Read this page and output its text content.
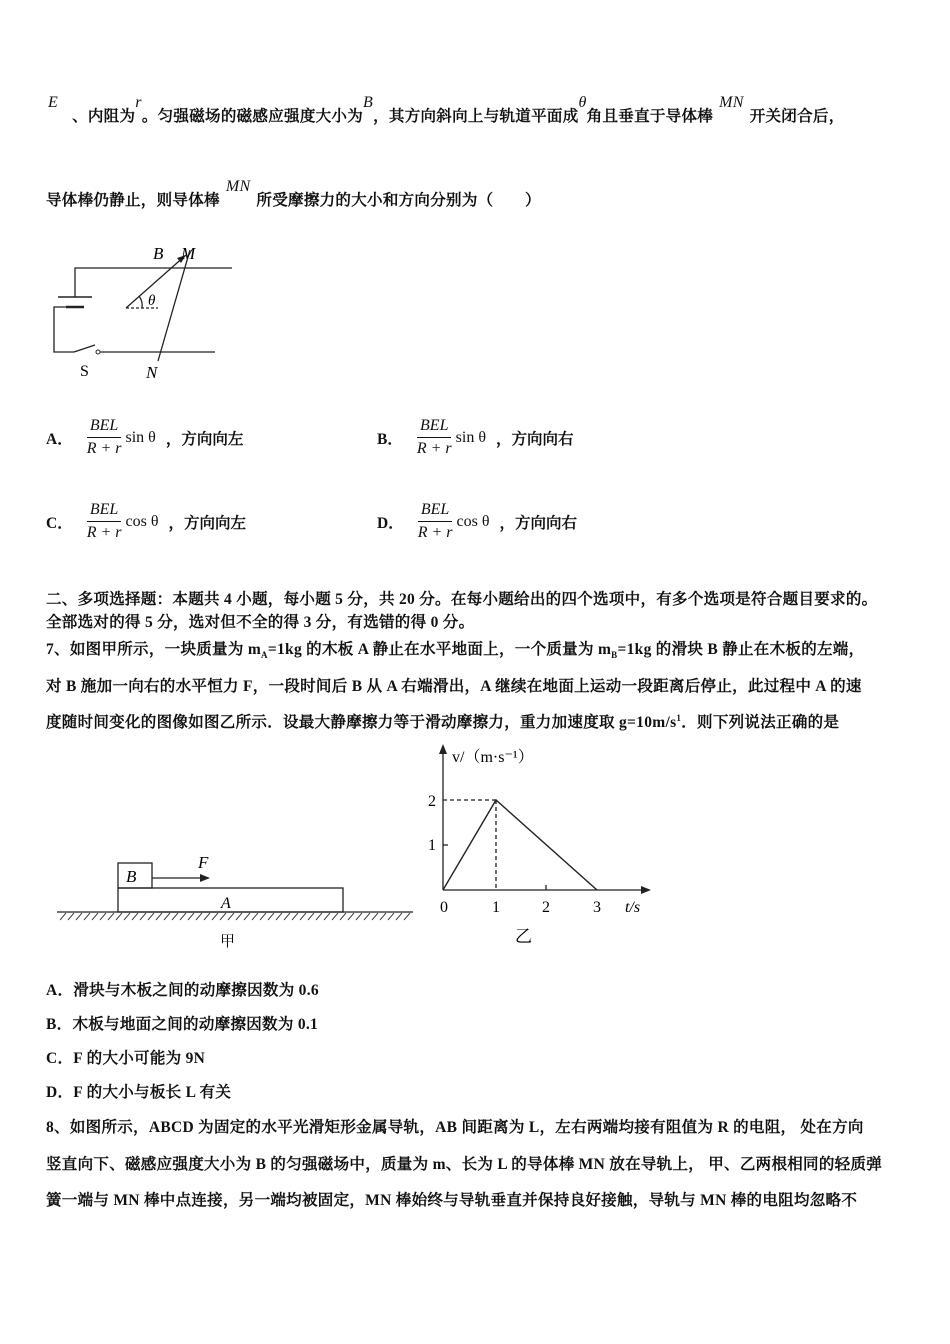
E、内阻为r。匀强磁场的磁感应强度大小为B，其方向斜向上与轨道平面成θ角且垂直于导体棒MN开关闭合后，
导体棒仍静止，则导体棒MN所受摩擦力的大小和方向分别为（　　）
B M
θ
S	N
A． $\frac{\text{BEL}}{R + r}$ sin θ ，方向向左	B． $\frac{\text{BEL}}{R + r}$ sin θ ，方向向右
C． $\frac{\text{BEL}}{R + r}$ cos θ ，方向向左	D． $\frac{\text{BEL}}{R + r}$ cos θ ，方向向右
二、多项选择题：本题共 4 小题，每小题 5 分，共 20 分。在每小题给出的四个选项中，有多个选项是符合题目要求的。
全部选对的得 5 分，选对但不全的得 3 分，有选错的得 0 分。
7、如图甲所示，一块质量为 $m_A=1kg$ 的木板 A 静止在水平地面上，一个质量为 $m_B=1kg$ 的滑块 B 静止在木板的左端，
对 B 施加一向右的水平恒力 F，一段时间后 B 从 A 右端滑出，A 继续在地面上运动一段距离后停止，此过程中 A 的速
度随时间变化的图像如图乙所示．设最大静摩擦力等于滑动摩擦力，重力加速度取 $g=10m/s^1$．则下列说法正确的是
B
F
A
甲
v/（m·s⁻¹）
1
2
0	1	2	3 t/s
乙
A．滑块与木板之间的动摩擦因数为 0.6
B．木板与地面之间的动摩擦因数为 0.1
C．F 的大小可能为 9N
D．F 的大小与板长 L 有关
8、如图所示，ABCD 为固定的水平光滑矩形金属导轨，AB 间距离为 L，左右两端均接有阻值为 R 的电阻， 处在方向
竖直向下、磁感应强度大小为 B 的匀强磁场中，质量为 m、长为 L 的导体棒 MN 放在导轨上， 甲、乙两根相同的轻质弹
簧一端与 MN 棒中点连接，另一端均被固定，MN 棒始终与导轨垂直并保持良好接触，导轨与 MN 棒的电阻均忽略不
